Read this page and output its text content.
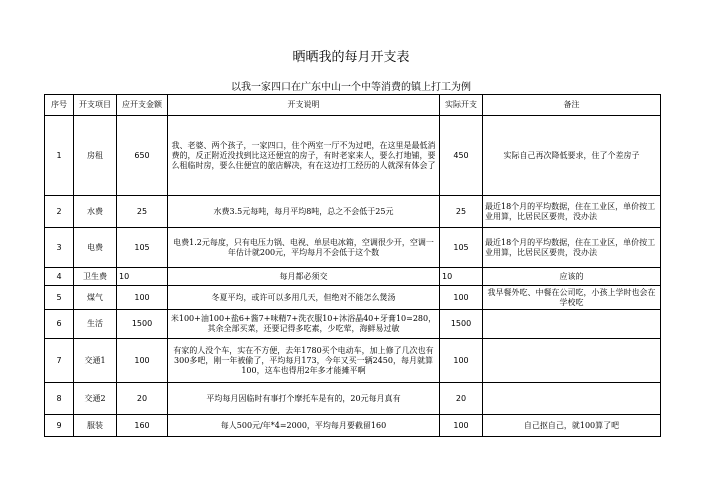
晒晒我的每月开支表
以我一家四口在广东中山一个中等消费的镇上打工为例
序号	开支项目	应开支金额	开支说明	实际开支	备注
1	房租	650	我、老婆、两个孩子，一家四口，住个两室一厅不为过吧，在这里是最低消费的，反正附近没找到比这还便宜的房子，有时老家来人，要么打地铺，要么租临时房，要么住便宜的旅店解决，有在这边打工经历的人就深有体会了	450	实际自己再次降低要求，住了个差房子
2	水费	25	水费3.5元每吨，每月平均8吨，总之不会低于25元	25	最近18个月的平均数据，住在工业区，单价按工业用算，比居民区要贵，没办法
3	电费	105	电费1.2元每度，只有电压力锅、电视、单层电冰箱，空调很少开，空调一年估计就200元，平均每月不会低于这个数	105	最近18个月的平均数据，住在工业区，单价按工业用算，比居民区要贵，没办法
4	卫生费	10	每月都必须交	10	应该的
5	煤气	100	冬夏平均，或许可以多用几天，但绝对不能怎么煲汤	100	我早餐外吃、中餐在公司吃，小孩上学时也会在学校吃
6	生活	1500	米100+油100+盐6+酱7+味精7+洗衣服10+沐浴晶40+牙膏10=280，其余全部买菜，还要记得多吃素，少吃荤，海鲜易过敏	1500	
7	交通1	100	有家的人没个车，实在不方便，去年1780买个电动车，加上修了几次也有300多吧，刚一年被偷了，平均每月173，今年又买一辆2450，每月就算100，这车也得用2年多才能摊平啊	100	
8	交通2	20	平均每月因临时有事打个摩托车是有的，20元每月真有	20	
9	服装	160	每人500元/年*4=2000，平均每月要截留160	100	自己抠自己，就100算了吧
